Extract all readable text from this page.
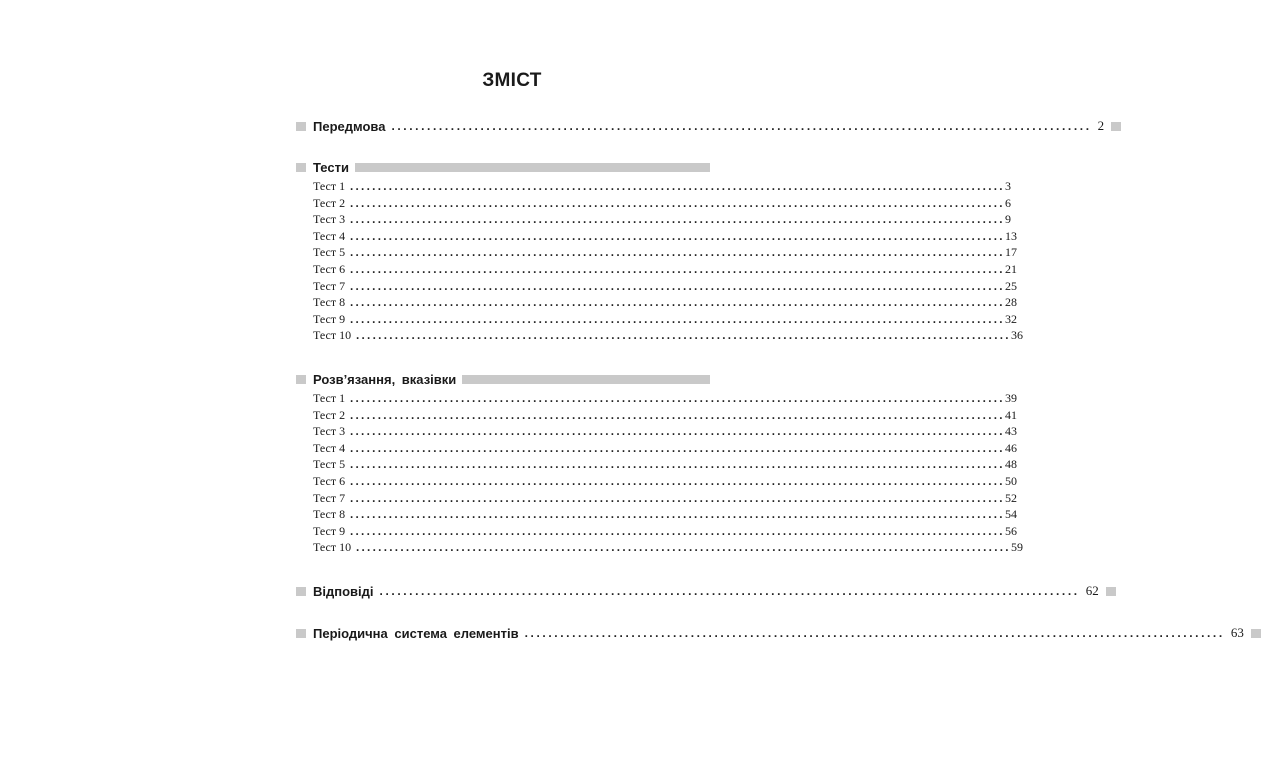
ЗМІСТ
Передмова ...................................................................................................................... 2
Тести
Тест 1 ...................................................................................................................... 3
Тест 2 ...................................................................................................................... 6
Тест 3 ...................................................................................................................... 9
Тест 4 ...................................................................................................................... 13
Тест 5 ...................................................................................................................... 17
Тест 6 ...................................................................................................................... 21
Тест 7 ...................................................................................................................... 25
Тест 8 ...................................................................................................................... 28
Тест 9 ...................................................................................................................... 32
Тест 10 ...................................................................................................................... 36
Розв’язання, вказівки
Тест 1 ...................................................................................................................... 39
Тест 2 ...................................................................................................................... 41
Тест 3 ...................................................................................................................... 43
Тест 4 ...................................................................................................................... 46
Тест 5 ...................................................................................................................... 48
Тест 6 ...................................................................................................................... 50
Тест 7 ...................................................................................................................... 52
Тест 8 ...................................................................................................................... 54
Тест 9 ...................................................................................................................... 56
Тест 10 ...................................................................................................................... 59
Відповіді ...................................................................................................................... 62
Періодична система елементів ...................................................................................................................... 63
